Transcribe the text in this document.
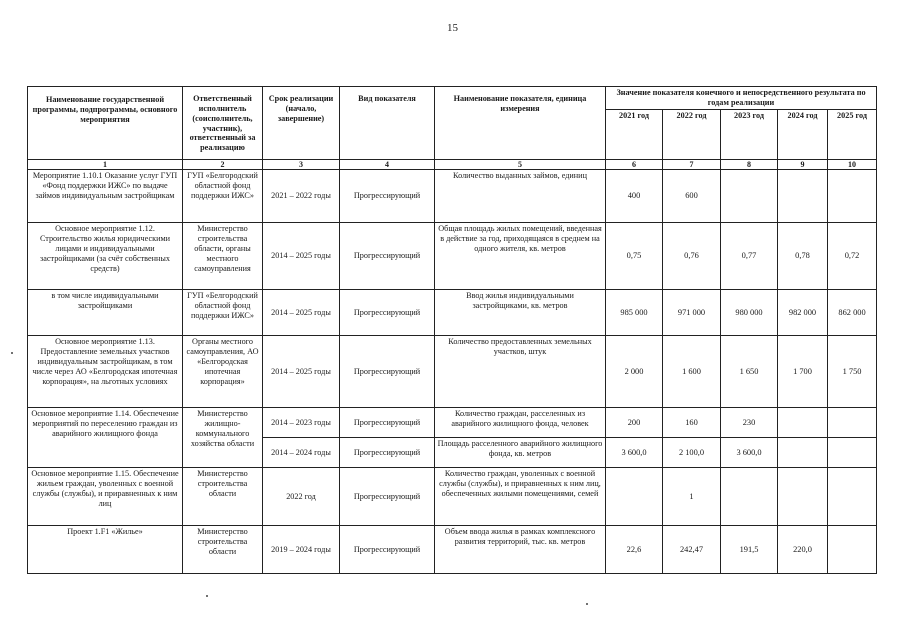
15
Наименование государственной программы, подпрограммы, основного мероприятия	Ответственный исполнитель (соисполнитель, участник), ответственный за реализацию	Срок реализации (начало, завершение)	Вид показателя	Наименование показателя, единица измерения	Значение показателя конечного и непосредственного результата по годам реализации				
					2021 год	2022 год	2023 год	2024 год	2025 год
1	2	3	4	5	6	7	8	9	10
Мероприятие 1.10.1 Оказание услуг ГУП «Фонд поддержки ИЖС» по выдаче займов индивидуальным застройщикам	ГУП «Белгородский областной фонд поддержки ИЖС»	2021 – 2022 годы	Прогрессирующий	Количество выданных займов, единиц	400	600			
Основное мероприятие 1.12. Строительство жилья юридическими лицами и индивидуальными застройщиками (за счёт собственных средств)	Министерство строительства области, органы местного самоуправления	2014 – 2025 годы	Прогрессирующий	Общая площадь жилых помещений, введенная в действие за год, приходящаяся в среднем на одного жителя, кв. метров	0,75	0,76	0,77	0,78	0,72
в том числе индивидуальными застройщиками	ГУП «Белгородский областной фонд поддержки ИЖС»	2014 – 2025 годы	Прогрессирующий	Ввод жилья индивидуальными застройщиками, кв. метров	985 000	971 000	980 000	982 000	862 000
Основное мероприятие 1.13. Предоставление земельных участков индивидуальным застройщикам, в том числе через АО «Белгородская ипотечная корпорация», на льготных условиях	Органы местного самоуправления, АО «Белгородская ипотечная корпорация»	2014 – 2025 годы	Прогрессирующий	Количество предоставленных земельных участков, штук	2 000	1 600	1 650	1 700	1 750
Основное мероприятие 1.14. Обеспечение мероприятий по переселению граждан из аварийного жилищного фонда	Министерство жилищно-коммунального хозяйства области	2014 – 2023 годы	Прогрессирующий	Количество граждан, расселенных из аварийного жилищного фонда, человек	200	160	230		
		2014 – 2024 годы	Прогрессирующий	Площадь расселенного аварийного жилищного фонда, кв. метров	3 600,0	2 100,0	3 600,0		
Основное мероприятие 1.15. Обеспечение жильем граждан, уволенных с военной службы (службы), и приравненных к ним лиц	Министерство строительства области	2022 год	Прогрессирующий	Количество граждан, уволенных с военной службы (службы), и приравненных к ним лиц, обеспеченных жилыми помещениями, семей		1			
Проект 1.F1 «Жилье»	Министерство строительства области	2019 – 2024 годы	Прогрессирующий	Объем ввода жилья в рамках комплексного развития территорий, тыс. кв. метров	22,6	242,47	191,5	220,0	
